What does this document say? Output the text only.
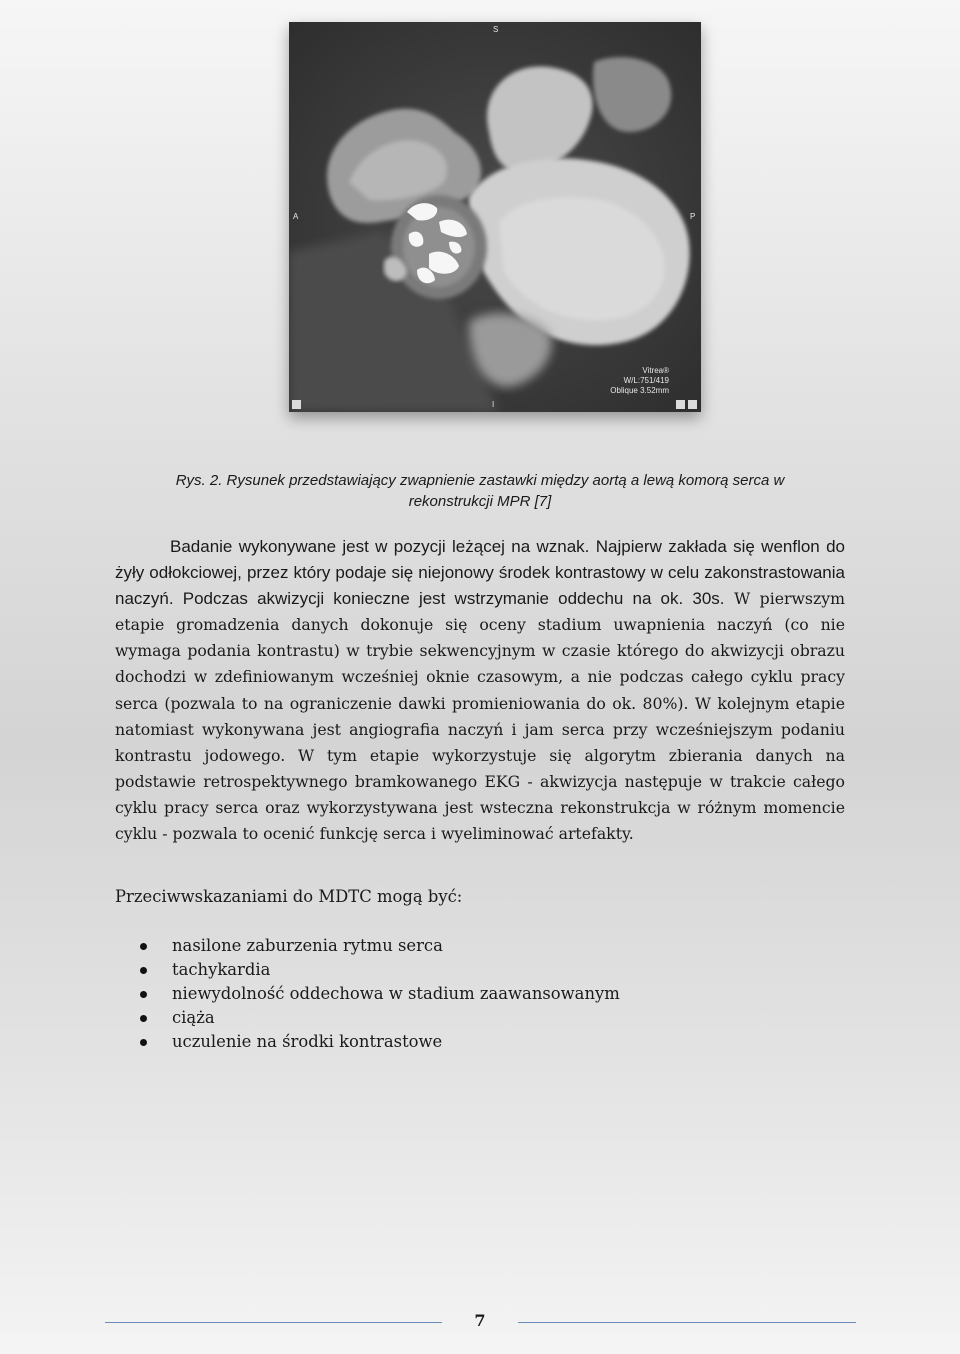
S
A	P
I
Vitrea®
W/L:751/419
Oblique 3.52mm
Rys. 2. Rysunek przedstawiający zwapnienie zastawki między aortą a lewą komorą serca w
rekonstrukcji MPR [7]
Badanie wykonywane jest w pozycji leżącej na wznak. Najpierw zakłada się wenflon do żyły odłokciowej, przez który podaje się niejonowy środek kontrastowy w celu zakonstrastowania naczyń. Podczas akwizycji konieczne jest wstrzymanie oddechu na ok. 30s. W pierwszym etapie gromadzenia danych dokonuje się oceny stadium uwapnienia naczyń (co nie wymaga podania kontrastu) w trybie sekwencyjnym w czasie którego do akwizycji obrazu dochodzi w zdefiniowanym wcześniej oknie czasowym, a nie podczas całego cyklu pracy serca (pozwala to na ograniczenie dawki promieniowania do ok. 80%). W kolejnym etapie natomiast wykonywana jest angiografia naczyń i jam serca przy wcześniejszym podaniu kontrastu jodowego. W tym etapie wykorzystuje się algorytm zbierania danych na podstawie retrospektywnego bramkowanego EKG - akwizycja następuje w trakcie całego cyklu pracy serca oraz wykorzystywana jest wsteczna rekonstrukcja w różnym momencie cyklu - pozwala to ocenić funkcję serca i wyeliminować artefakty.
Przeciwwskazaniami do MDTC mogą być:
nasilone zaburzenia rytmu serca
tachykardia
niewydolność oddechowa w stadium zaawansowanym
ciąża
uczulenie na środki kontrastowe
7
